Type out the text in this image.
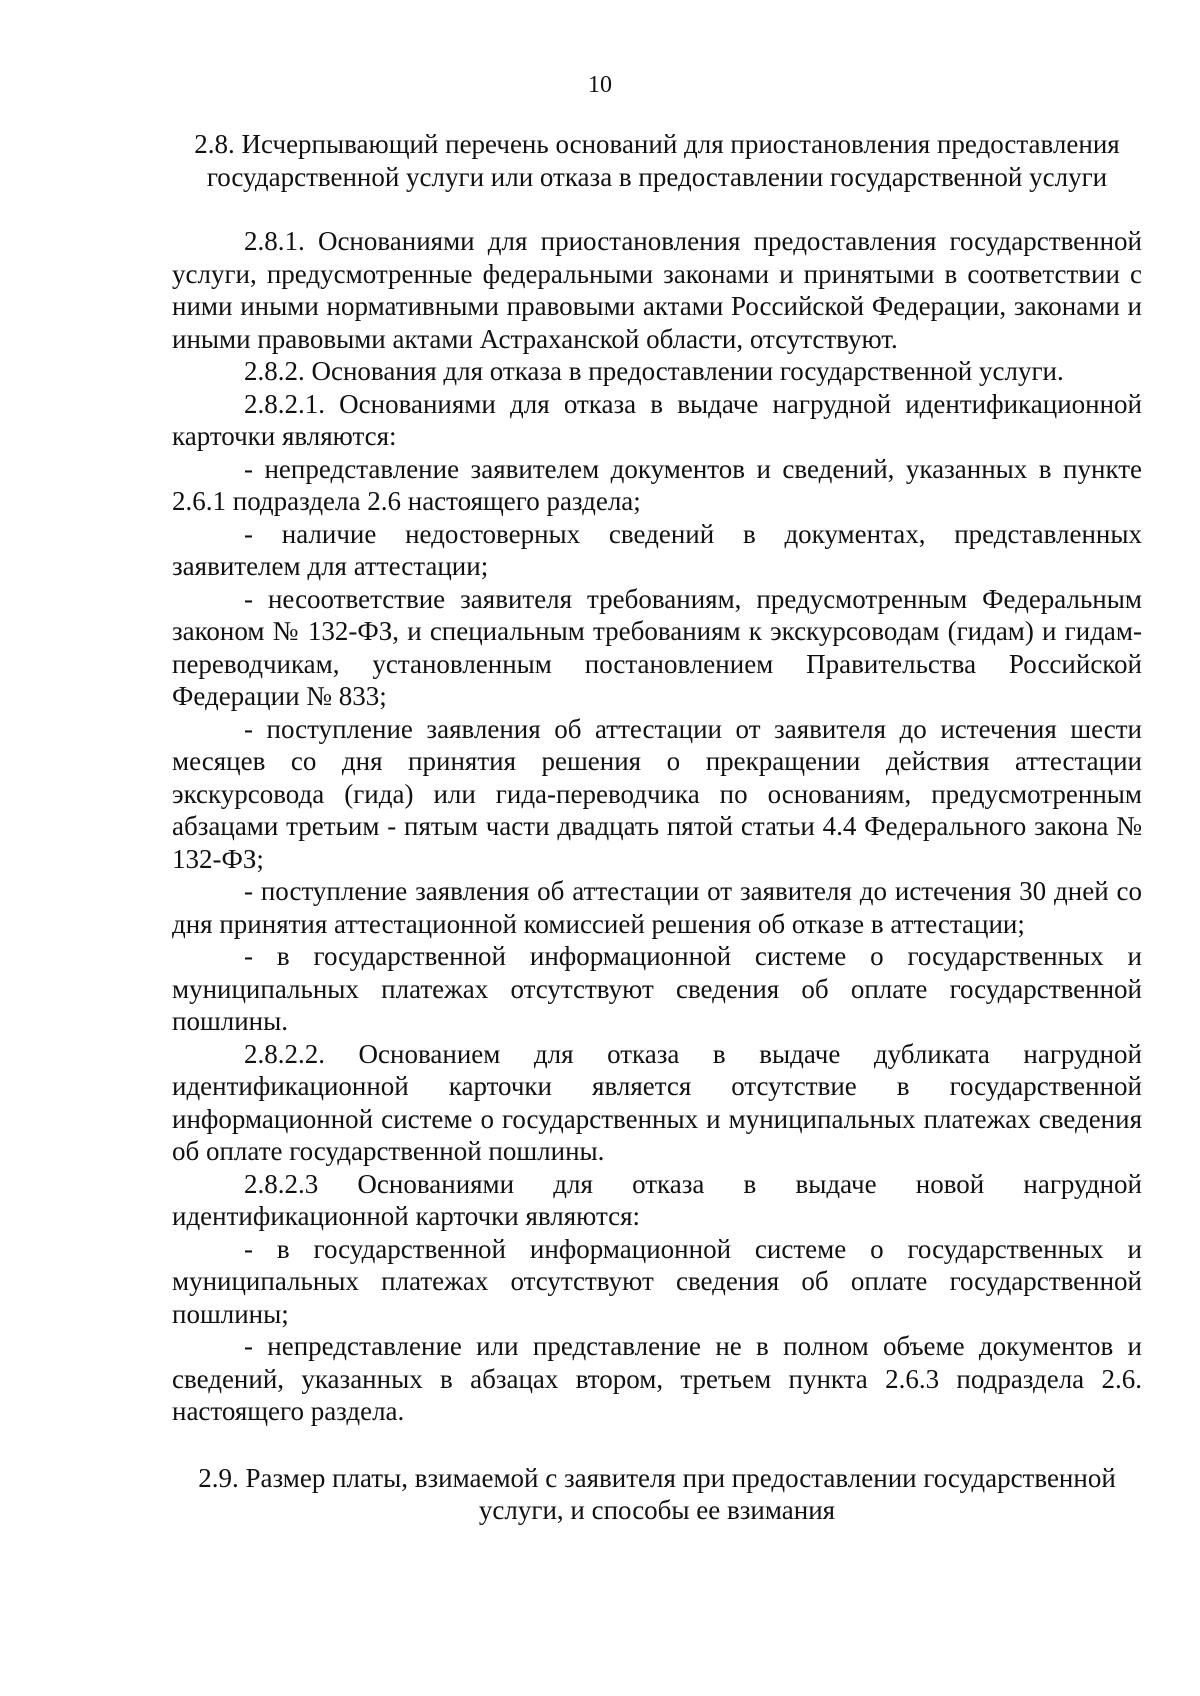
10

2.8. Исчерпывающий перечень оснований для приостановления предоставления государственной услуги или отказа в предоставлении государственной услуги

2.8.1. Основаниями для приостановления предоставления государственной услуги, предусмотренные федеральными законами и принятыми в соответствии с ними иными нормативными правовыми актами Российской Федерации, законами и иными правовыми актами Астраханской области, отсутствуют.

2.8.2. Основания для отказа в предоставлении государственной услуги.

2.8.2.1. Основаниями для отказа в выдаче нагрудной идентификационной карточки являются:

- непредставление заявителем документов и сведений, указанных в пункте 2.6.1 подраздела 2.6 настоящего раздела;

- наличие недостоверных сведений в документах, представленных заявителем для аттестации;

- несоответствие заявителя требованиям, предусмотренным Федеральным законом № 132-ФЗ, и специальным требованиям к экскурсоводам (гидам) и гидам-переводчикам, установленным постановлением Правительства Российской Федерации № 833;

- поступление заявления об аттестации от заявителя до истечения шести месяцев со дня принятия решения о прекращении действия аттестации экскурсовода (гида) или гида-переводчика по основаниям, предусмотренным абзацами третьим - пятым части двадцать пятой статьи 4.4 Федерального закона № 132-ФЗ;

- поступление заявления об аттестации от заявителя до истечения 30 дней со дня принятия аттестационной комиссией решения об отказе в аттестации;

- в государственной информационной системе о государственных и муниципальных платежах отсутствуют сведения об оплате государственной пошлины.

2.8.2.2. Основанием для отказа в выдаче дубликата нагрудной идентификационной карточки является отсутствие в государственной информационной системе о государственных и муниципальных платежах сведения об оплате государственной пошлины.

2.8.2.3 Основаниями для отказа в выдаче новой нагрудной идентификационной карточки являются:

- в государственной информационной системе о государственных и муниципальных платежах отсутствуют сведения об оплате государственной пошлины;

- непредставление или представление не в полном объеме документов и сведений, указанных в абзацах втором, третьем пункта 2.6.3 подраздела 2.6. настоящего раздела.

2.9. Размер платы, взимаемой с заявителя при предоставлении государственной услуги, и способы ее взимания
